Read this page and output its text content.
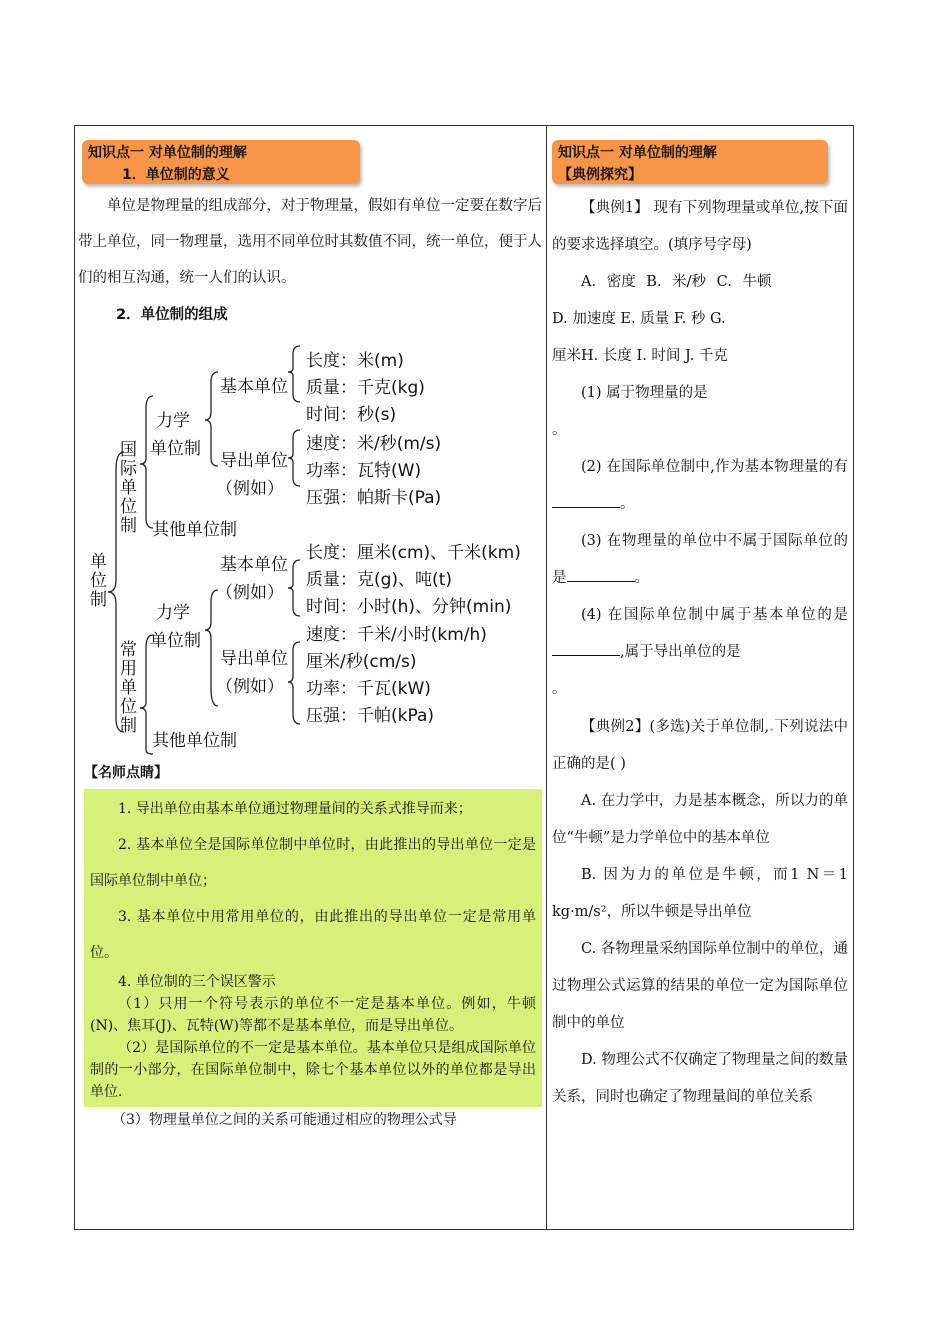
知识点一 对单位制的理解
1．单位制的意义

单位是物理量的组成部分，对于物理量，假如有单位一定要在数字后带上单位，同一物理量，选用不同单位时其数值不同，统一单位，便于人们的相互沟通，统一人们的认识。

2．单位制的组成
单位制
国际单位制
常用单位制
力学
单位制
其他单位制
基本单位
导出单位
（例如）
长度：米(m)
质量：千克(kg)
时间：秒(s)
速度：米/秒(m/s)
功率：瓦特(W)
压强：帕斯卡(Pa)
基本单位
（例如）
力学
单位制
导出单位
（例如）
其他单位制
长度：厘米(cm)、千米(km)
质量：克(g)、吨(t)
时间：小时(h)、分钟(min)
速度：千米/小时(km/h)
厘米/秒(cm/s)
功率：千瓦(kW)
压强：千帕(kPa)
【名师点睛】

1. 导出单位由基本单位通过物理量间的关系式推导而来；

2. 基本单位全是国际单位制中单位时，由此推出的导出单位一定是国际单位制中单位；

3. 基本单位中用常用单位的，由此推出的导出单位一定是常用单位。

4. 单位制的三个误区警示

（1）只用一个符号表示的单位不一定是基本单位。例如，牛顿(N)、焦耳(J)、瓦特(W)等都不是基本单位，而是导出单位。

（2）是国际单位的不一定是基本单位。基本单位只是组成国际单位制的一小部分，在国际单位制中，除七个基本单位以外的单位都是导出单位.

（3）物理量单位之间的关系可能通过相应的物理公式导

知识点一 对单位制的理解
【典例探究】

【典例1】 现有下列物理量或单位,按下面的要求选择填空。(填序号字母)

A. 密度 B. 米/秒 C. 牛顿

D. 加速度 E. 质量 F. 秒 G.

厘米H. 长度 I. 时间 J. 千克

(1) 属于物理量的是

。

(2) 在国际单位制中,作为基本物理量的有。

(3) 在物理量的单位中不属于国际单位的是	。

(4) 在国际单位制中属于基本单位的是,属于导出单位的是

。

【典例2】(多选)关于单位制,.下列说法中正确的是( )

A. 在力学中，力是基本概念，所以力的单位“牛顿”是力学单位中的基本单位

B. 因为力的单位是牛顿，而1 N＝1 kg·m/s²，所以牛顿是导出单位

C. 各物理量采纳国际单位制中的单位，通过物理公式运算的结果的单位一定为国际单位制中的单位

D. 物理公式不仅确定了物理量之间的数量关系，同时也确定了物理量间的单位关系
